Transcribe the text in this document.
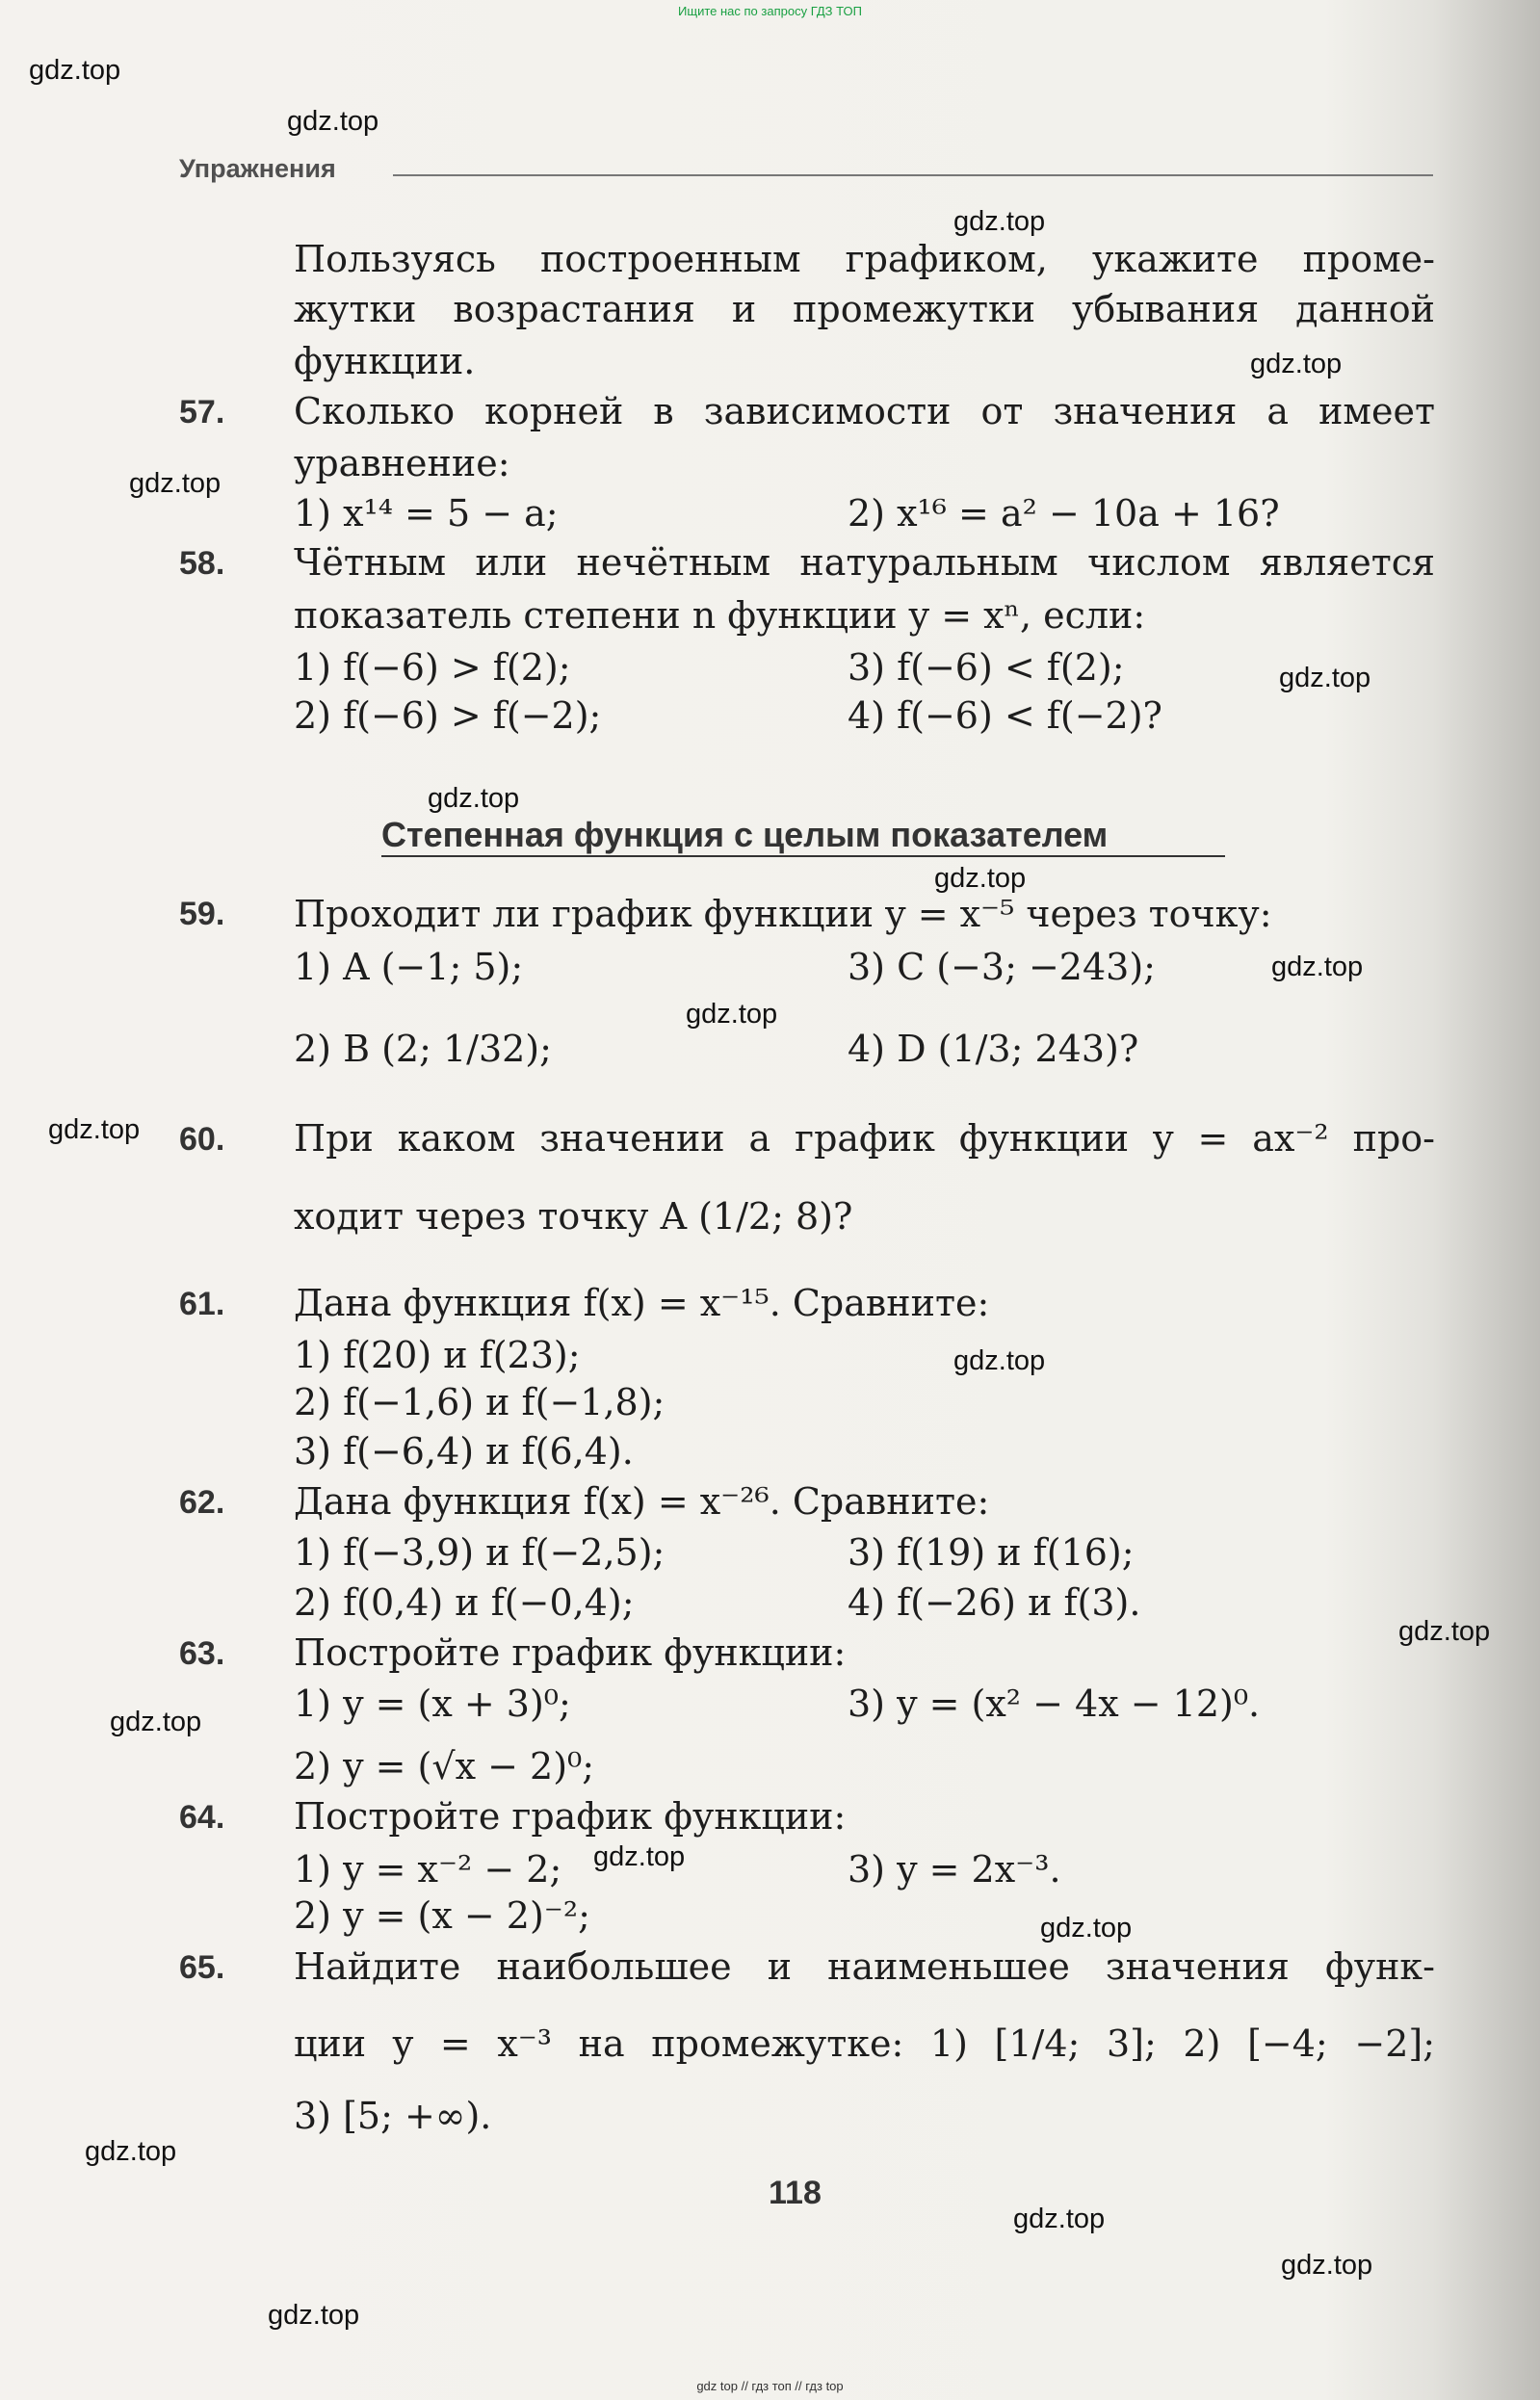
Ищите нас по запросу ГДЗ ТОП
gdz top // гдз топ // гдз top
Упражнения
gdz.top
gdz.top
gdz.top
gdz.top
gdz.top
gdz.top
gdz.top
gdz.top
gdz.top
gdz.top
gdz.top
gdz.top
gdz.top
gdz.top
gdz.top
gdz.top
gdz.top
gdz.top
gdz.top
gdz.top
Пользуясь построенным графиком, укажите проме-
жутки возрастания и промежутки убывания данной
функции.
57. Сколько корней в зависимости от значения a имеет
уравнение:
1) x¹⁴ = 5 − a;	2) x¹⁶ = a² − 10a + 16?
58. Чётным или нечётным натуральным числом является
показатель степени n функции y = xⁿ, если:
1) f(−6) > f(2);	3) f(−6) < f(2);
2) f(−6) > f(−2);	4) f(−6) < f(−2)?
Степенная функция с целым показателем
59. Проходит ли график функции y = x⁻⁵ через точку:
1) A (−1; 5);	3) C (−3; −243);
2) B (2; 1/32);	4) D (1/3; 243)?
60. При каком значении a график функции y = ax⁻² про-
ходит через точку A (1/2; 8)?
61. Дана функция f(x) = x⁻¹⁵. Сравните:
1) f(20) и f(23);
2) f(−1,6) и f(−1,8);
3) f(−6,4) и f(6,4).
62. Дана функция f(x) = x⁻²⁶. Сравните:
1) f(−3,9) и f(−2,5);	3) f(19) и f(16);
2) f(0,4) и f(−0,4);	4) f(−26) и f(3).
63. Постройте график функции:
1) y = (x + 3)⁰;	3) y = (x² − 4x − 12)⁰.
2) y = (√x − 2)⁰;
64. Постройте график функции:
1) y = x⁻² − 2;	3) y = 2x⁻³.
2) y = (x − 2)⁻²;
65. Найдите наибольшее и наименьшее значения функ-
ции y = x⁻³ на промежутке: 1) [1/4; 3]; 2) [−4; −2];
3) [5; +∞).
118
